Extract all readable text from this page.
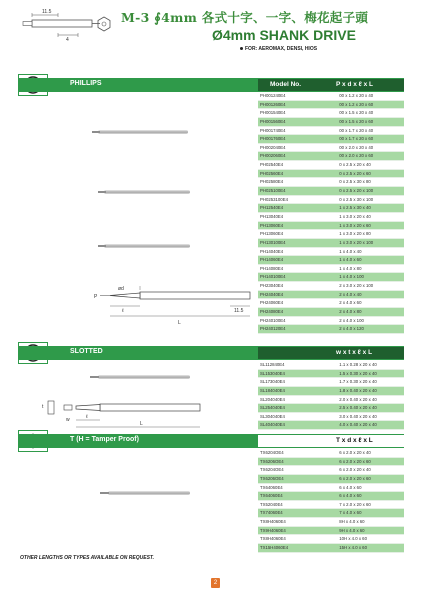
11.5
4
M-3 ∮4mm 各式十字、一字、梅花起子頭
Ø4mm SHANK DRIVE
FOR: AEROMAX, DENSI, HIOS
PHILLIPS	Model No.	P x d x ℓ x L
PH001240E4	00 x 1.2 x 20 x 40
PH001260E4	00 x 1.2 x 20 x 60
PH001540E4	00 x 1.5 x 20 x 40
PH001560E4	00 x 1.5 x 20 x 60
PH001740E4	00 x 1.7 x 20 x 40
PH001760E4	00 x 1.7 x 20 x 60
PH002040E4	00 x 2.0 x 20 x 40
PH002060E4	00 x 2.0 x 20 x 60
PH02540E4	0 x 2.5 x 20 x 40
PH02560E4	0 x 2.5 x 20 x 60
PH02580E4	0 x 2.5 x 30 x 80
PH025100E4	0 x 2.5 x 20 x 100
PH0253100E4	0 x 2.5 x 30 x 100
PH12540E4	1 x 2.5 x 30 x 40
PH13040E4	1 x 3.0 x 20 x 40
PH13060E4	1 x 3.0 x 20 x 60
PH13060E4	1 x 3.0 x 20 x 80
PH130100E4	1 x 3.0 x 20 x 100
PH14040E4	1 x 4.0 x 40
PH14060E4	1 x 4.0 x 60
PH14080E4	1 x 4.0 x 80
PH140100E4	1 x 4.0 x 100
PH23040E4	2 x 3.0 x 20 x 100
PH24040E4	2 x 4.0 x 40
PH24060E4	2 x 4.0 x 60
PH24080E4	2 x 4.0 x 80
PH240100E4	2 x 4.0 x 100
PH240120E4	2 x 4.0 x 120
P
ød
ℓ
L
11.5
SLOTTED	w x t x ℓ x L
SL112840E4	1.1 x 0.28 x 20 x 40
SL153040E4	1.5 x 0.30 x 20 x 40
SL173040E4	1.7 x 0.30 x 20 x 40
SL184040E4	1.8 x 0.40 x 20 x 40
SL204040E4	2.0 x 0.40 x 20 x 40
SL254040E4	2.5 x 0.40 x 20 x 40
SL304040E4	3.0 x 0.40 x 20 x 40
SL404040E4	4.0 x 0.40 x 20 x 40
t
w	ℓ
L
T (H = Tamper Proof)	T x d x ℓ x L
TX6204OE4	6 x 2.0 x 20 x 40
TX6206OE4	6 x 2.0 x 20 x 60
TX6204OE4	6 x 2.0 x 20 x 40
TX6206OE4	6 x 2.0 x 20 x 60
TX64060E4	6 x 4.0 x 60
TX64060E4	6 x 4.0 x 60
TX52040E4	7 x 2.0 x 20 x 60
TX74060E4	7 x 4.0 x 60
TX8H4060E4	8H x 4.0 x 60
TX9H4060E4	9H x 4.0 x 60
TX8H4060E4	10H x 4.0 x 60
TX15H4060E4	15H x 4.0 x 60
OTHER LENGTHS OR TYPES AVAILABLE ON REQUEST.
2
